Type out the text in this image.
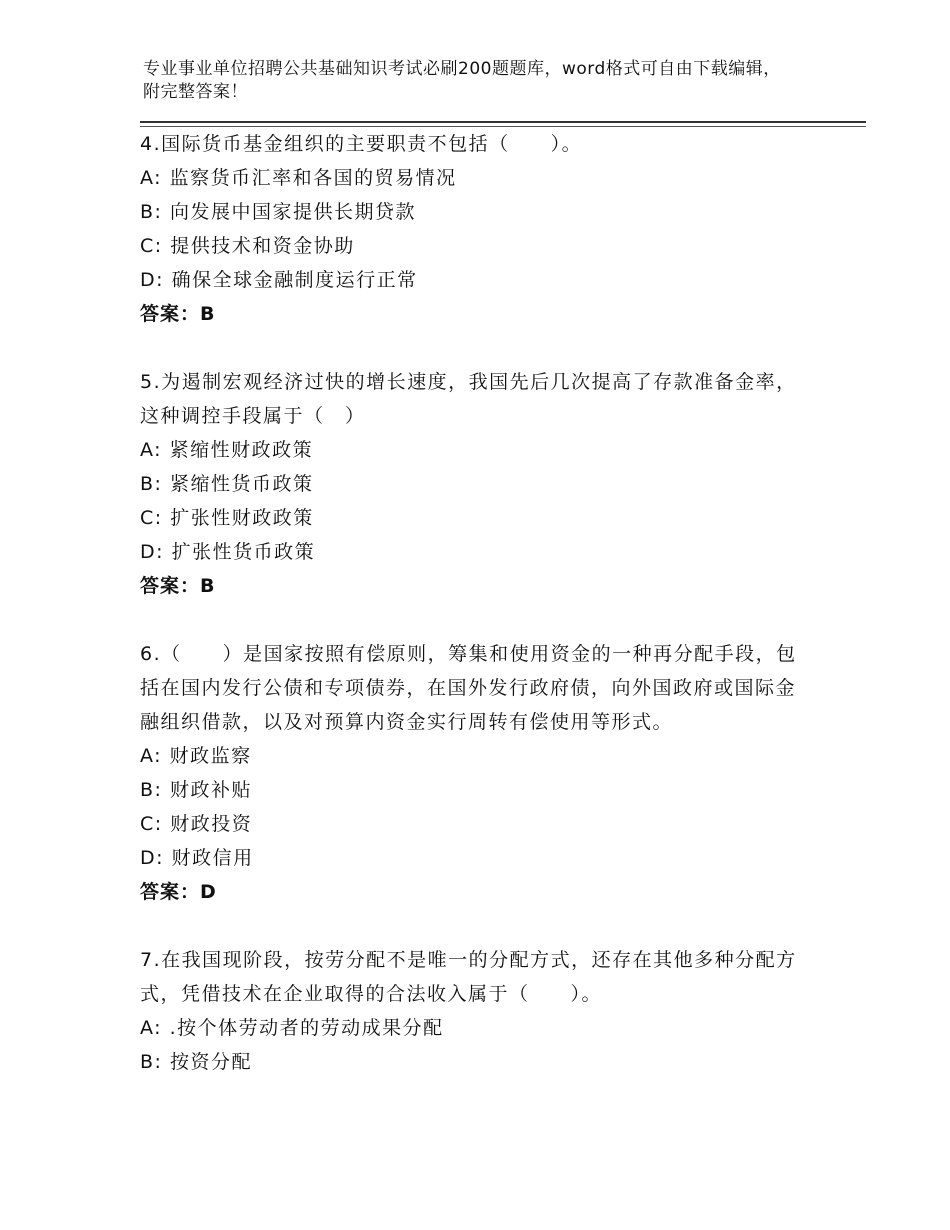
专业事业单位招聘公共基础知识考试必刷200题题库，word格式可自由下载编辑，附完整答案！
4.国际货币基金组织的主要职责不包括（　　）。
A: 监察货币汇率和各国的贸易情况
B: 向发展中国家提供长期贷款
C: 提供技术和资金协助
D: 确保全球金融制度运行正常
答案：B
5.为遏制宏观经济过快的增长速度，我国先后几次提高了存款准备金率，这种调控手段属于（　）
A: 紧缩性财政政策
B: 紧缩性货币政策
C: 扩张性财政政策
D: 扩张性货币政策
答案：B
6.（　　）是国家按照有偿原则，筹集和使用资金的一种再分配手段，包括在国内发行公债和专项债券，在国外发行政府债，向外国政府或国际金融组织借款，以及对预算内资金实行周转有偿使用等形式。
A: 财政监察
B: 财政补贴
C: 财政投资
D: 财政信用
答案：D
7.在我国现阶段，按劳分配不是唯一的分配方式，还存在其他多种分配方式，凭借技术在企业取得的合法收入属于（　　）。
A: .按个体劳动者的劳动成果分配
B: 按资分配
